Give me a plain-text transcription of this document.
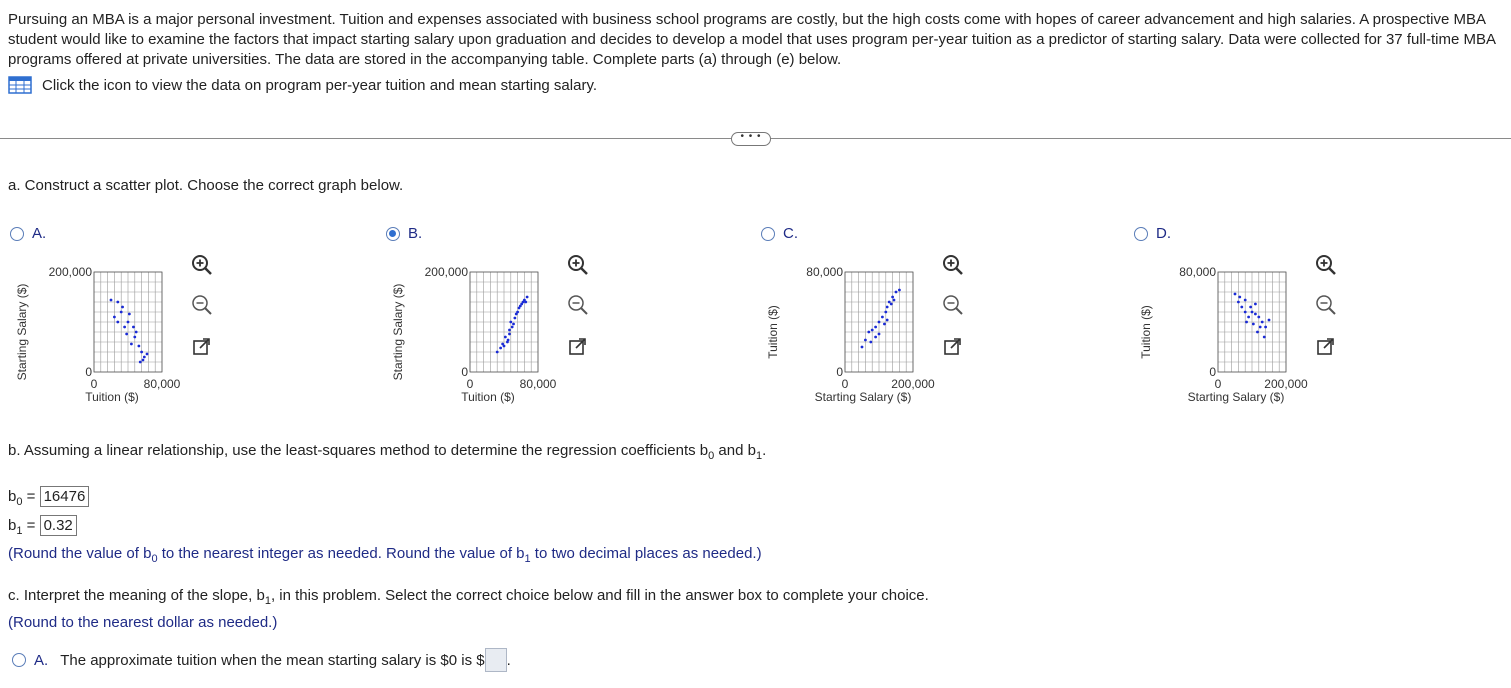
Pursuing an MBA is a major personal investment. Tuition and expenses associated with business school programs are costly, but the high costs come with hopes of career advancement and high salaries. A prospective MBA student would like to examine the factors that impact starting salary upon graduation and decides to develop a model that uses program per-year tuition as a predictor of starting salary. Data were collected for 37 full-time MBA programs offered at private universities. The data are stored in the accompanying table. Complete parts (a) through (e) below.
Click the icon to view the data on program per-year tuition and mean starting salary.
• • •
a. Construct a scatter plot. Choose the correct graph below.
A.
200,000
0
0	80,000
Tuition ($)
Starting Salary ($)
B.
200,000
0
0	80,000
Tuition ($)
Starting Salary ($)
C.
80,000
0
0	200,000
Starting Salary ($)
Tuition ($)
D.
80,000
0
0	200,000
Starting Salary ($)
Tuition ($)
b. Assuming a linear relationship, use the least-squares method to determine the regression coefficients $b_0$ and $b_1$.
$b_0 = 16476$
$b_1 = 0.32$
(Round the value of $b_0$ to the nearest integer as needed. Round the value of $b_1$ to two decimal places as needed.)
c. Interpret the meaning of the slope, $b_1$, in this problem. Select the correct choice below and fill in the answer box to complete your choice.
(Round to the nearest dollar as needed.)
A. The approximate tuition when the mean starting salary is $0 is $ .
